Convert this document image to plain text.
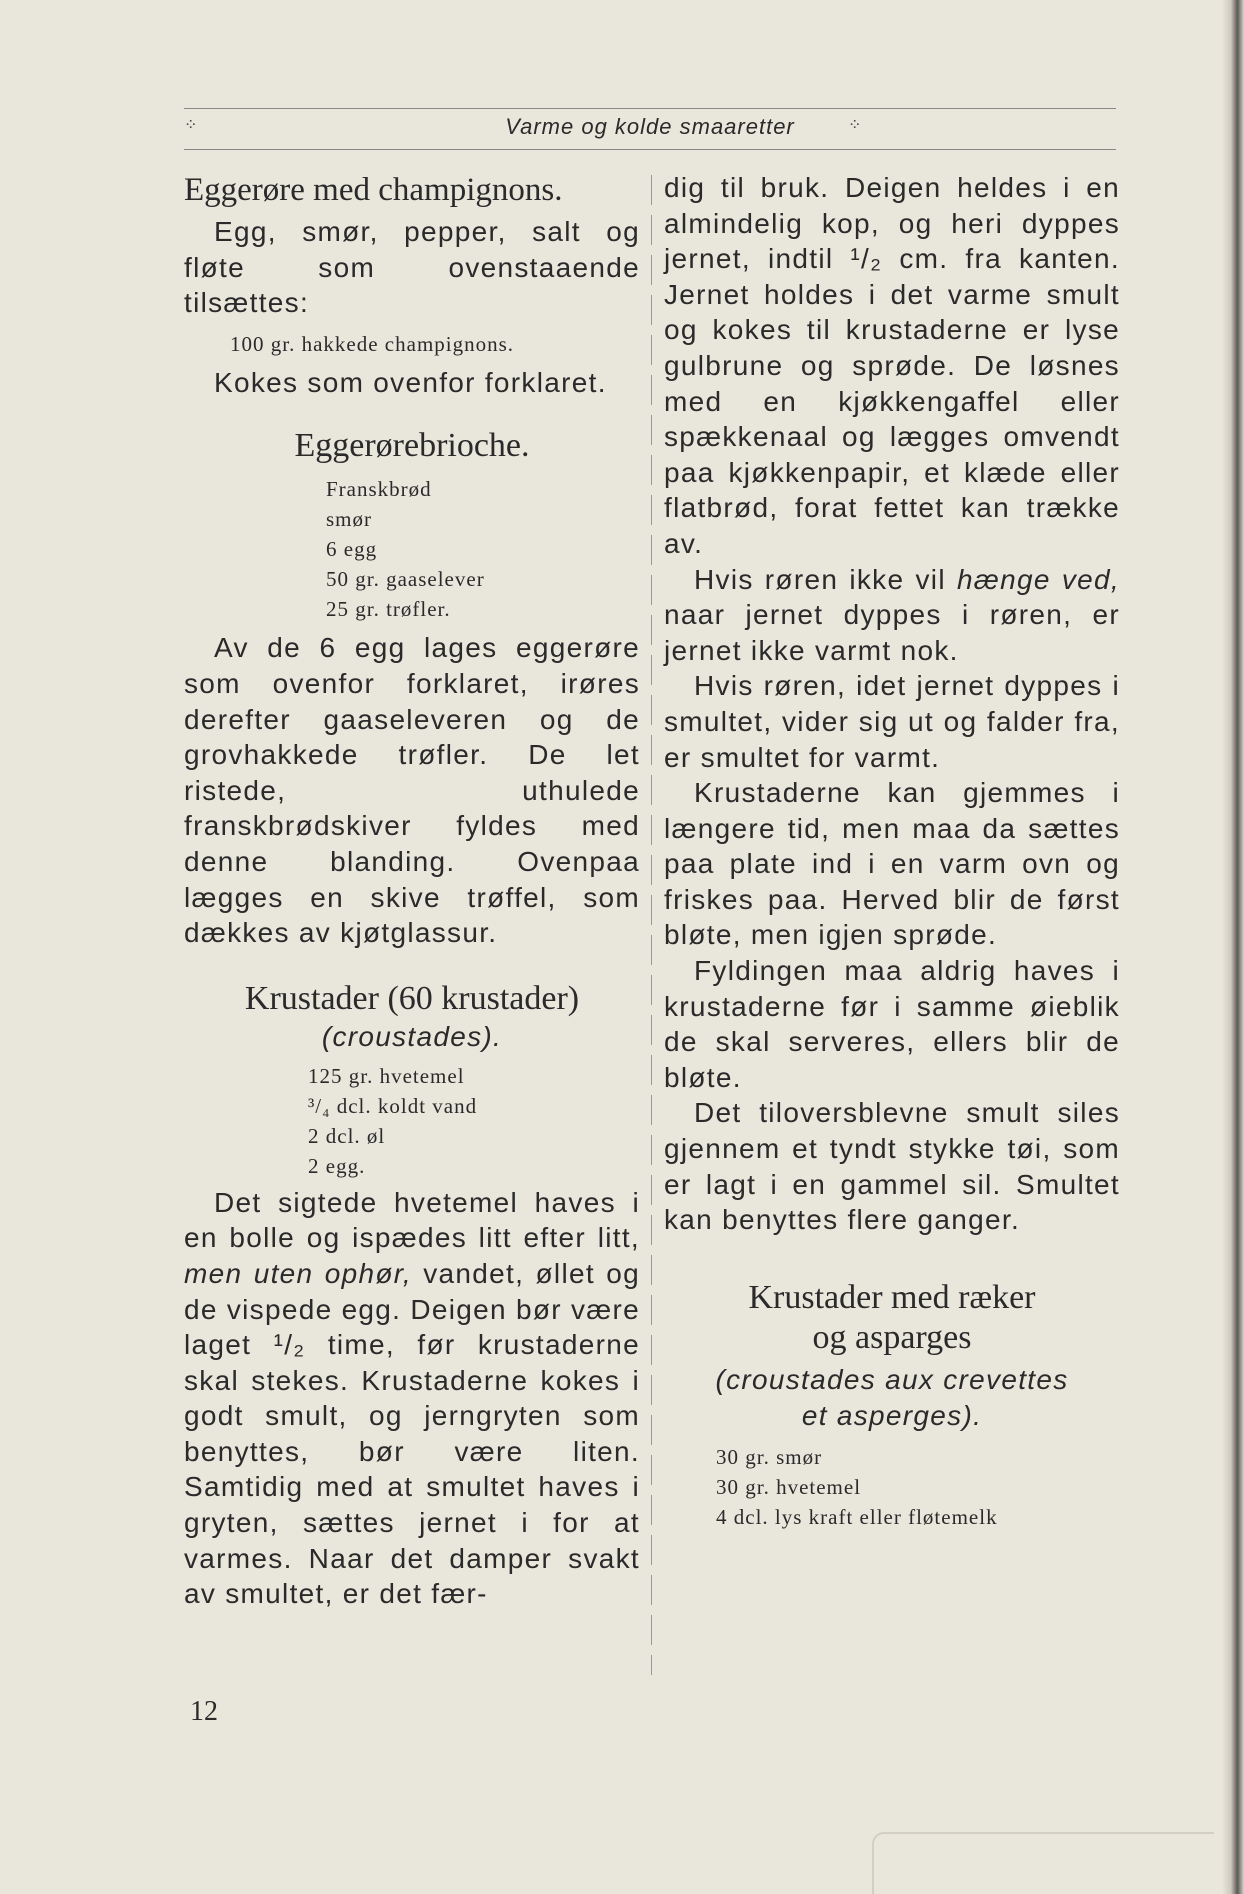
⁘	Varme og kolde smaaretter	⁘
Eggerøre med champignons.

Egg, smør, pepper, salt og fløte som ovenstaaende tilsættes:

100 gr. hakkede champignons.

Kokes som ovenfor forklaret.

Eggerørebrioche.
Franskbrød
smør
6 egg
50 gr. gaaselever
25 gr. trøfler.

Av de 6 egg lages eggerøre som ovenfor forklaret, irøres derefter gaaseleveren og de grovhakkede trøfler. De let ristede, uthulede franskbrødskiver fyldes med denne blanding. Ovenpaa lægges en skive trøffel, som dækkes av kjøtglassur.

Krustader (60 krustader)
(croustades).
125 gr. hvetemel
³/₄ dcl. koldt vand
2 dcl. øl
2 egg.

Det sigtede hvetemel haves i en bolle og ispædes litt efter litt, men uten ophør, vandet, øllet og de vispede egg. Deigen bør være laget ¹/₂ time, før krustaderne skal stekes. Krustaderne kokes i godt smult, og jerngryten som benyttes, bør være liten. Samtidig med at smultet haves i gryten, sættes jernet i for at varmes. Naar det damper svakt av smultet, er det fær-

dig til bruk. Deigen heldes i en almindelig kop, og heri dyppes jernet, indtil ¹/₂ cm. fra kanten. Jernet holdes i det varme smult og kokes til krustaderne er lyse gulbrune og sprøde. De løsnes med en kjøkkengaffel eller spækkenaal og lægges omvendt paa kjøkkenpapir, et klæde eller flatbrød, forat fettet kan trække av.

Hvis røren ikke vil hænge ved, naar jernet dyppes i røren, er jernet ikke varmt nok.

Hvis røren, idet jernet dyppes i smultet, vider sig ut og falder fra, er smultet for varmt.

Krustaderne kan gjemmes i længere tid, men maa da sættes paa plate ind i en varm ovn og friskes paa. Herved blir de først bløte, men igjen sprøde.

Fyldingen maa aldrig haves i krustaderne før i samme øieblik de skal serveres, ellers blir de bløte.

Det tiloversblevne smult siles gjennem et tyndt stykke tøi, som er lagt i en gammel sil. Smultet kan benyttes flere ganger.

Krustader med ræker
og asparges
(croustades aux crevettes
et asperges).
30 gr. smør
30 gr. hvetemel
4 dcl. lys kraft eller fløtemelk
12
